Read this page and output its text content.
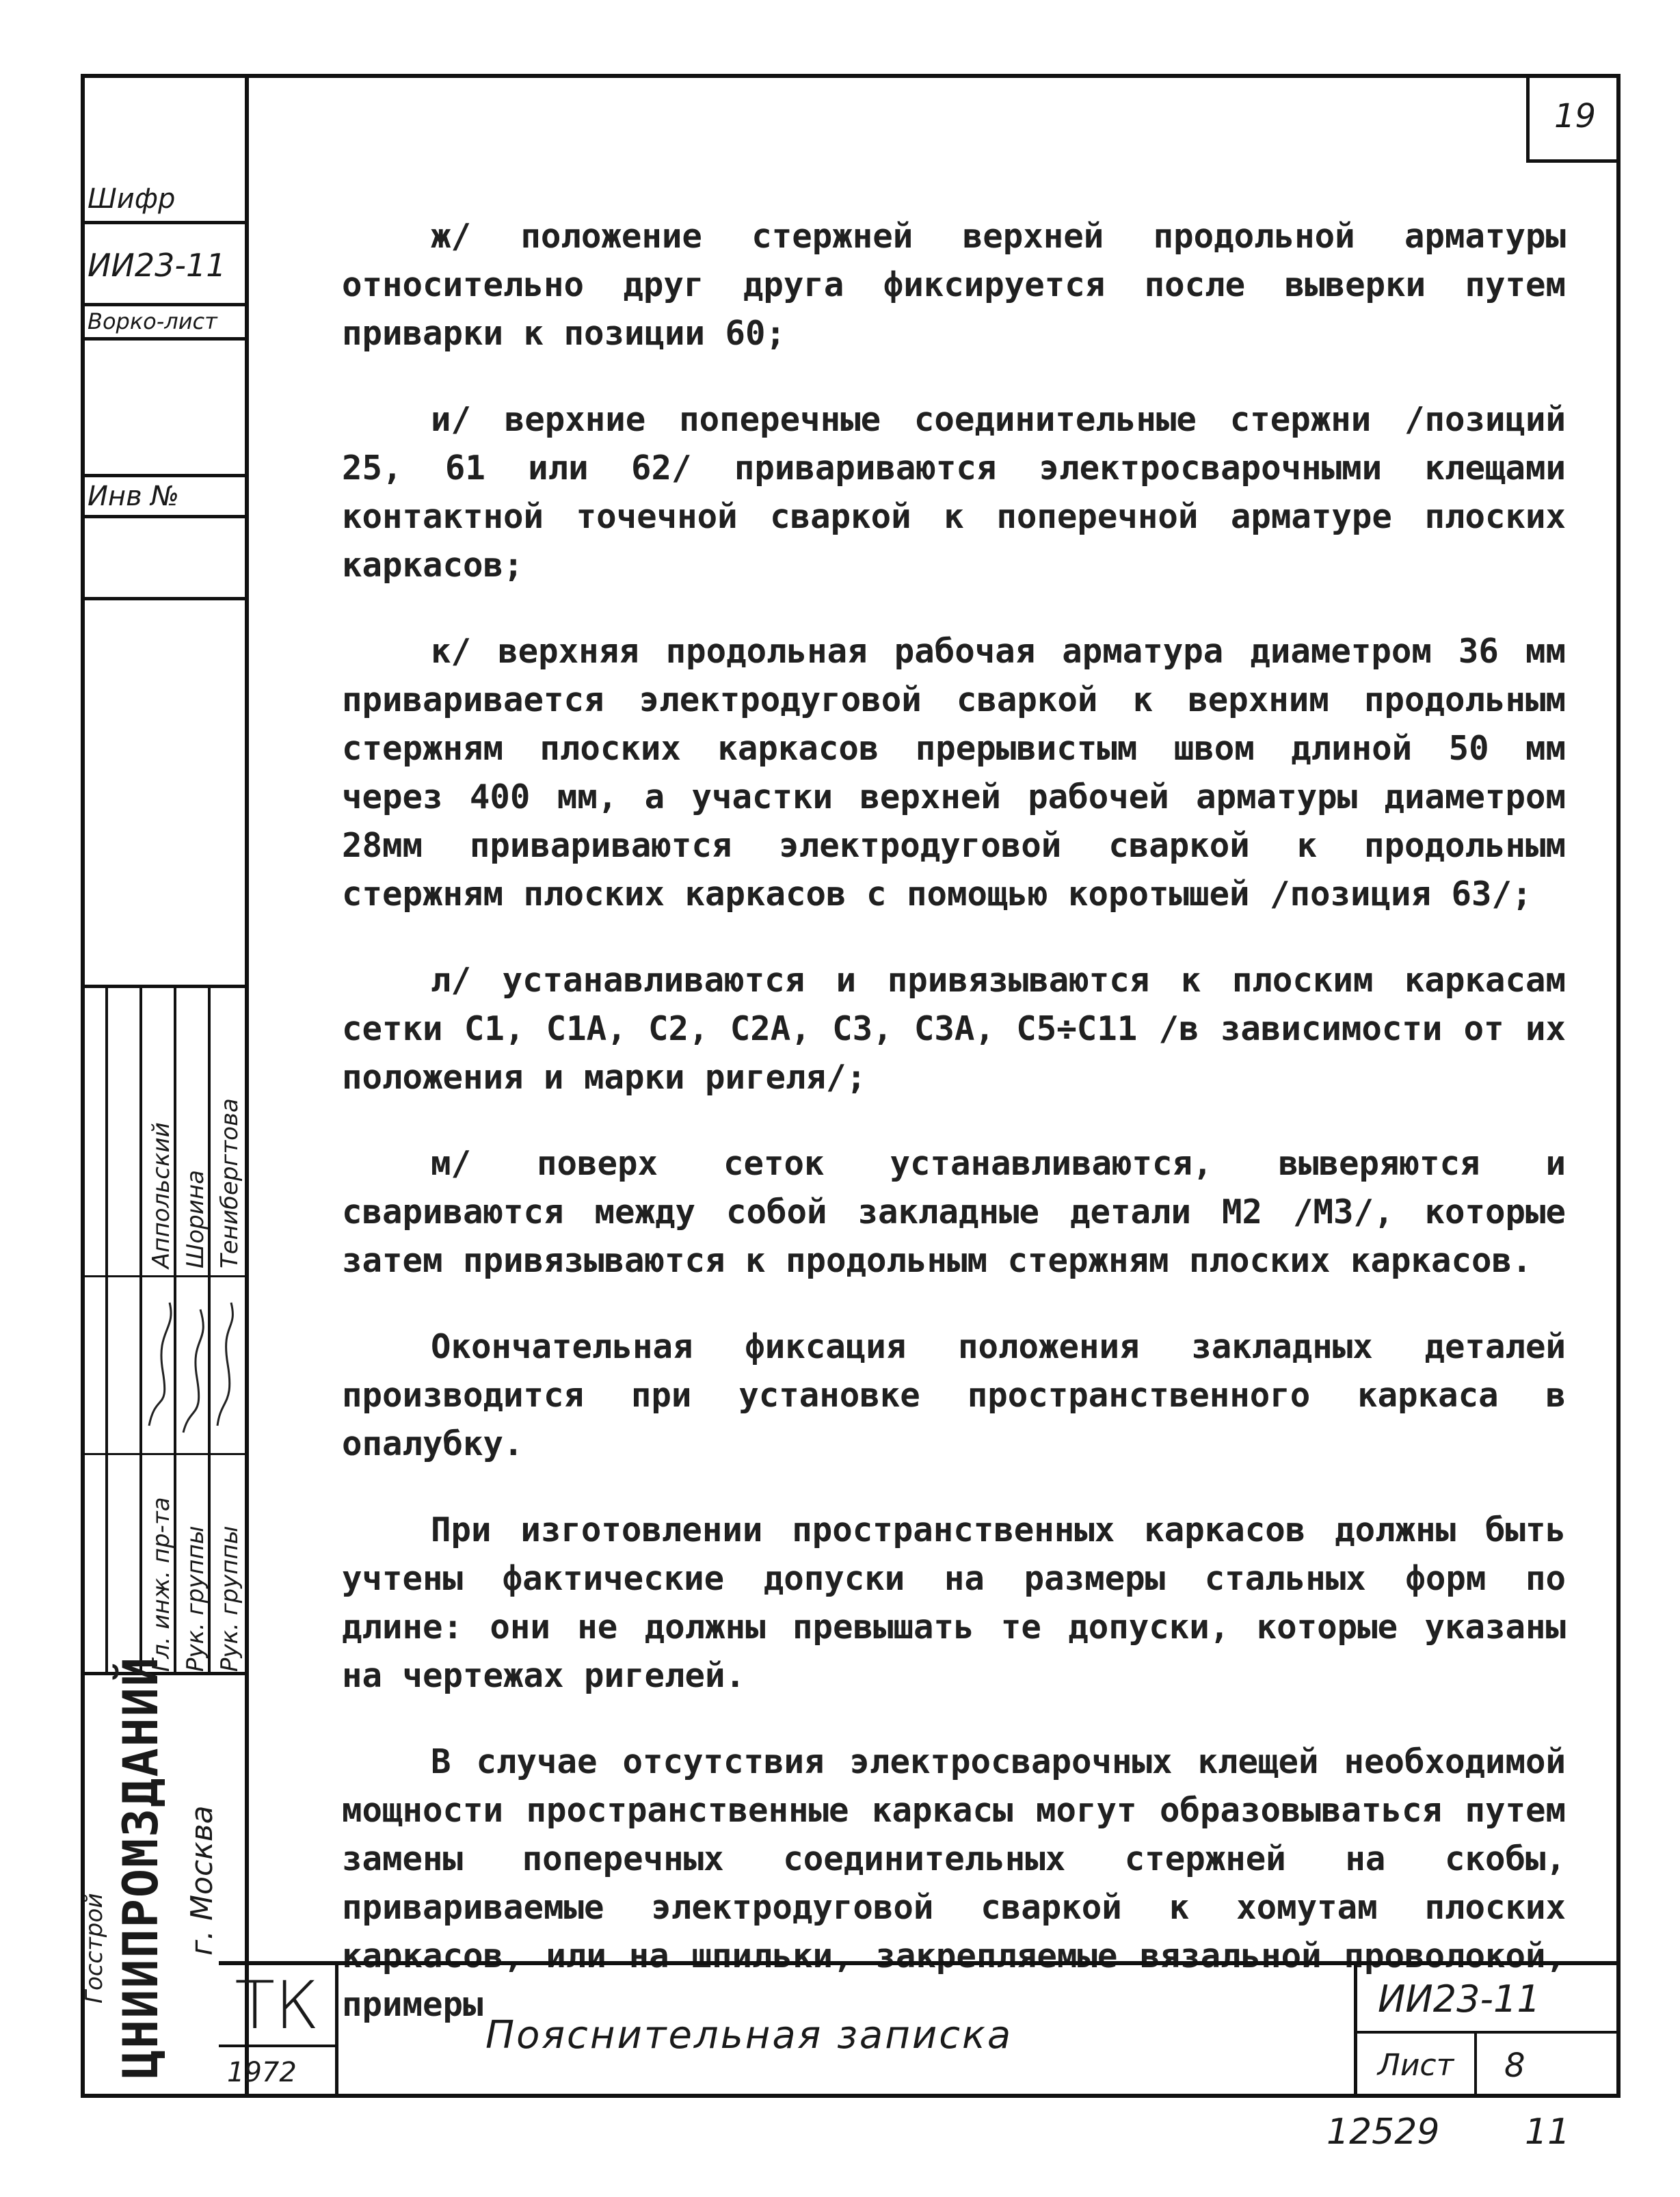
Шифр
ИИ23-11
Ворко-лист
Инв №
Гл. инж. пр-та Рук. группы Рук. группы
Аппольский Шорина Тенибергтова
Госстрой ЦНИИПРОМЗДАНИЙ г. Москва
19

ж/ положение стержней верхней продольной арматуры относительно друг друга фиксируется после выверки путем приварки к позиции 60;

и/ верхние поперечные соединительные стержни /позиций 25, 61 или 62/ привариваются электросварочными клещами контактной точечной сваркой к поперечной арматуре плоских каркасов;

к/ верхняя продольная рабочая арматура диаметром 36 мм приваривается электродуговой сваркой к верхним продольным стержням плоских каркасов прерывистым швом длиной 50 мм через 400 мм, а участки верхней рабочей арматуры диаметром 28мм привариваются электродуговой сваркой к продольным стержням плоских каркасов с помощью коротышей /позиция 63/;

л/ устанавливаются и привязываются к плоским каркасам сетки С1, С1А, С2, С2А, С3, С3А, С5÷С11 /в зависимости от их положения и марки ригеля/;

м/ поверх сеток устанавливаются, выверяются и свариваются между собой закладные детали М2 /М3/, которые затем привязываются к продольным стержням плоских каркасов.

Окончательная фиксация положения закладных деталей производится при установке пространственного каркаса в опалубку.

При изготовлении пространственных каркасов должны быть учтены фактические допуски на размеры стальных форм по длине: они не должны превышать те допуски, которые указаны на чертежах ригелей.

В случае отсутствия электросварочных клещей необходимой мощности пространственные каркасы могут образовываться путем замены поперечных соединительных стержней на скобы, привариваемые электродуговой сваркой к хомутам плоских каркасов, или на шпильки, закрепляемые вязальной проволокой, примеры

ТК
1972
Пояснительная записка
ИИ23-11
Лист	8
12529 11
